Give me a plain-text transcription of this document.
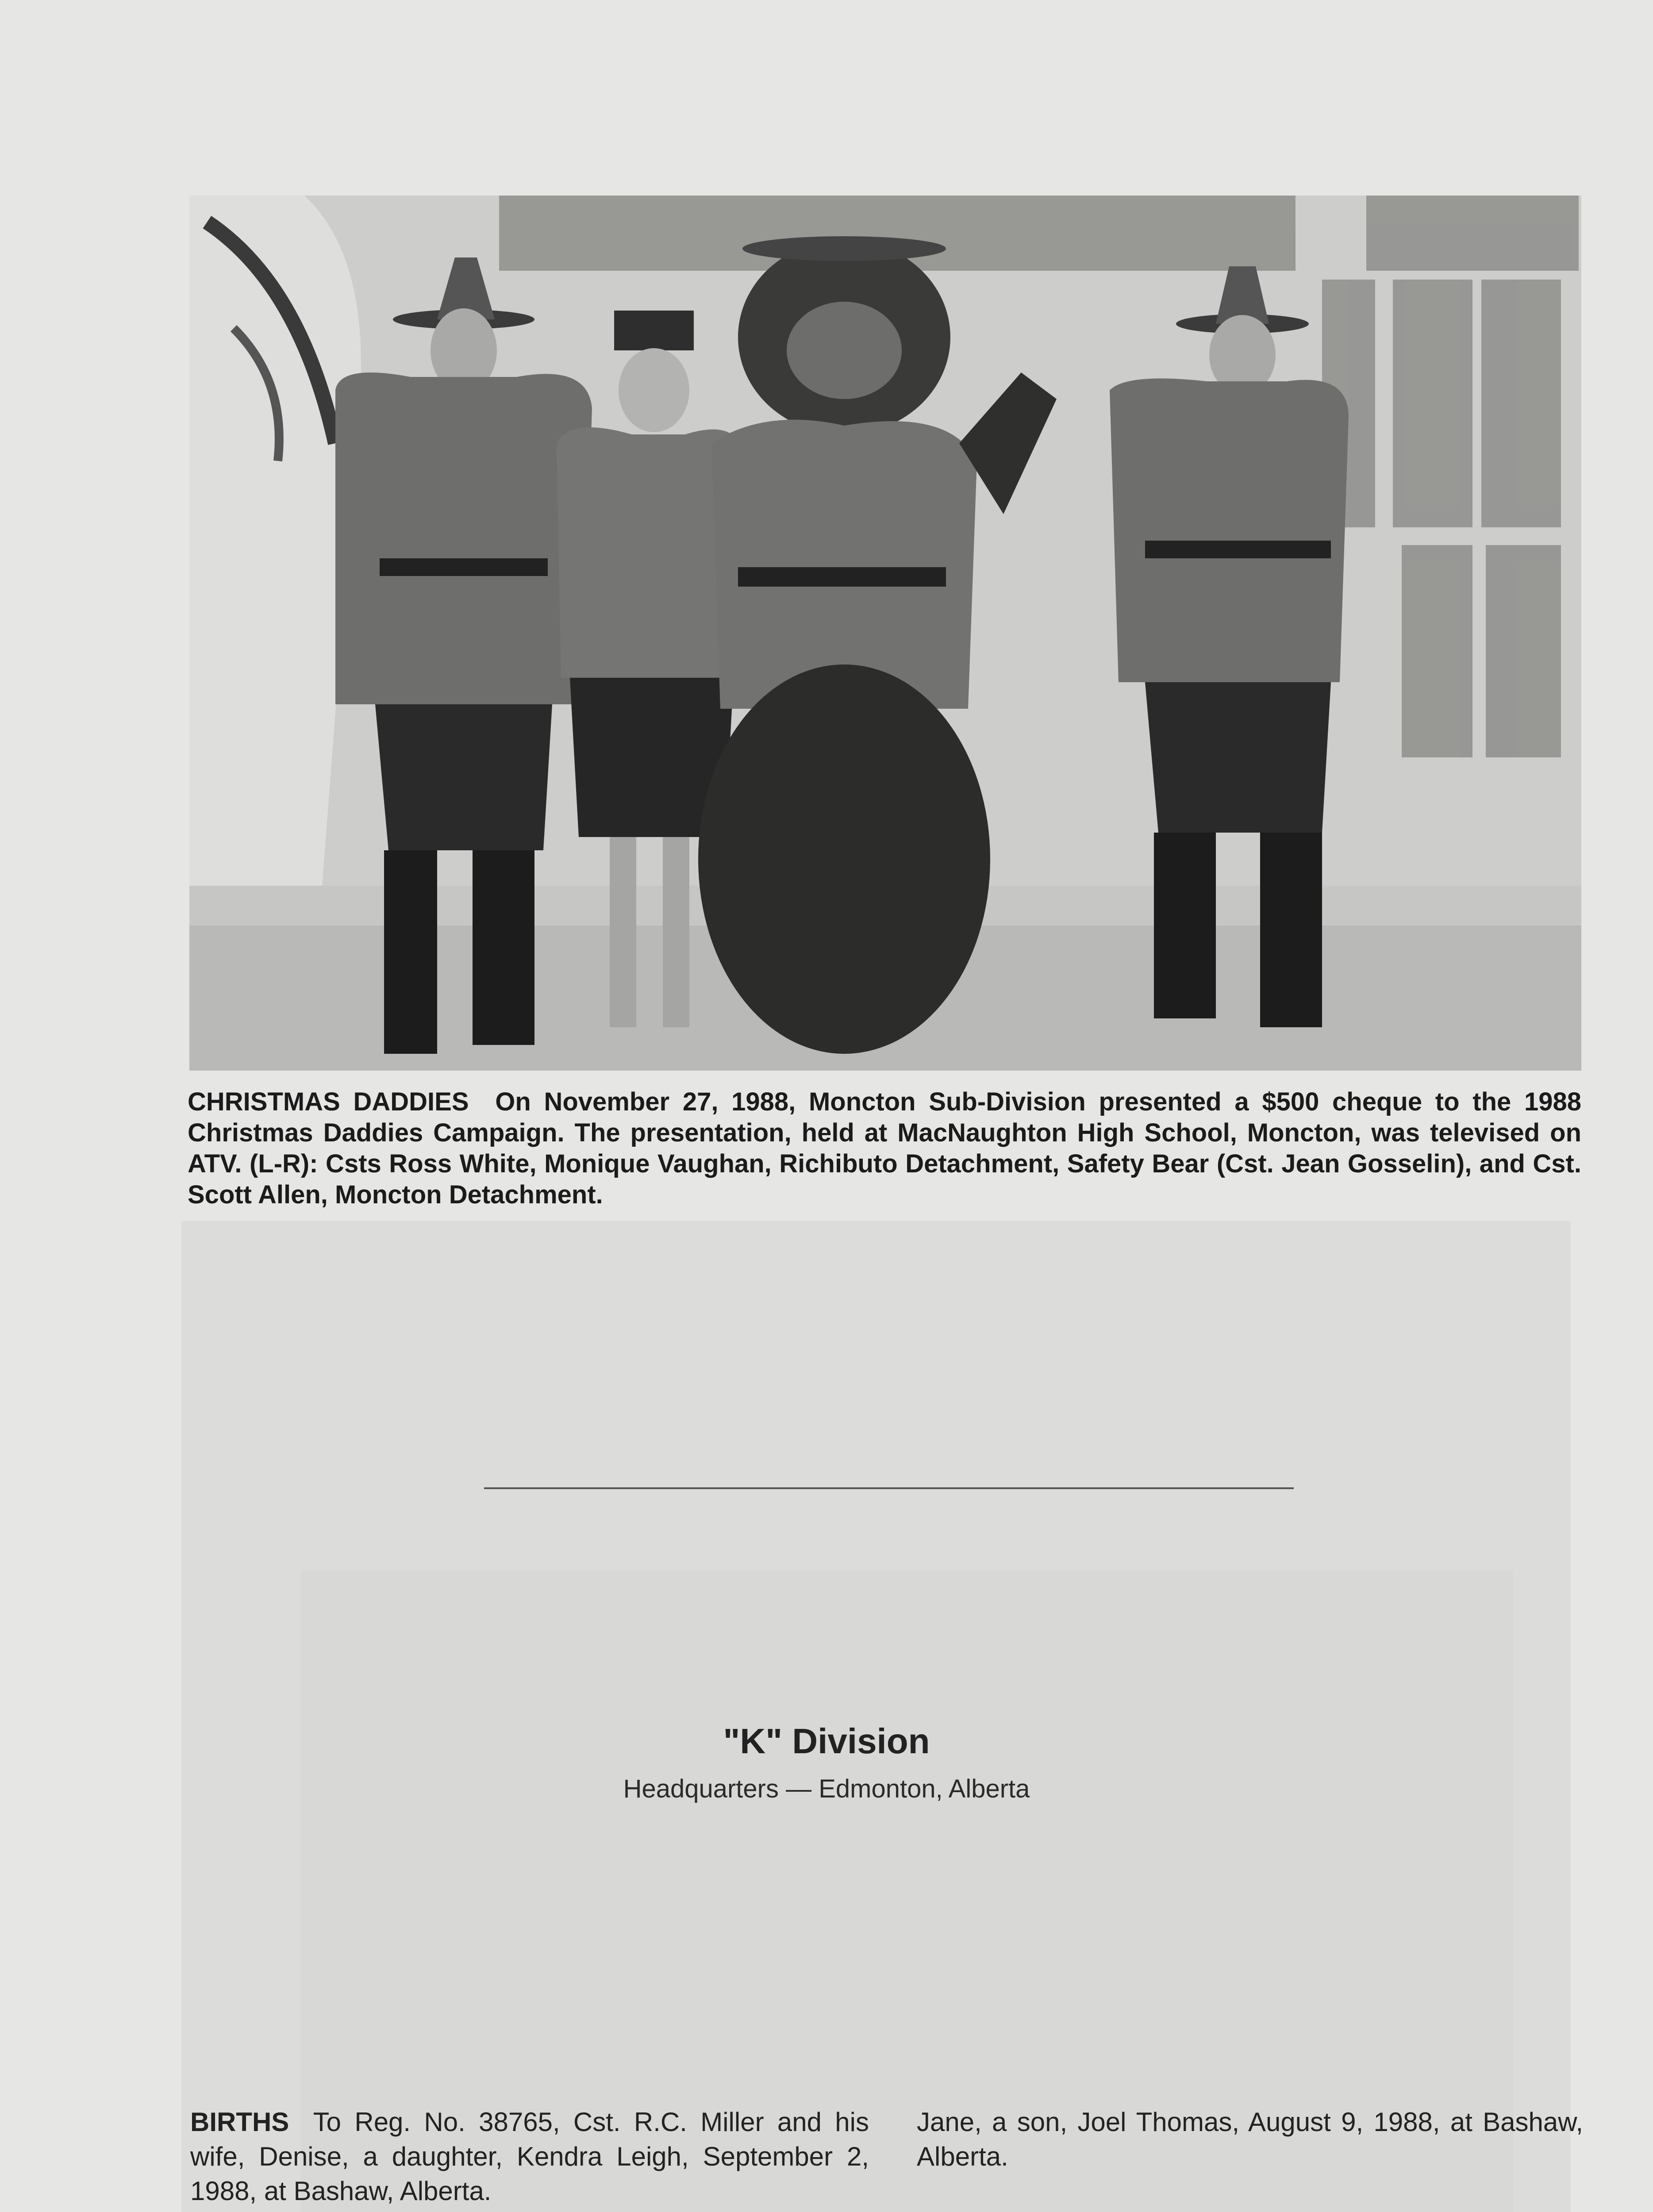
CHRISTMAS DADDIES On November 27, 1988, Moncton Sub-Division presented a $500 cheque to the 1988 Christmas Daddies Campaign. The presentation, held at MacNaughton High School, Moncton, was televised on ATV. (L-R): Csts Ross White, Monique Vaughan, Richibuto Detachment, Safety Bear (Cst. Jean Gosselin), and Cst. Scott Allen, Moncton Detachment.
"K" Division
Headquarters — Edmonton, Alberta
BIRTHS To Reg. No. 38765, Cst. R.C. Miller and his wife, Denise, a daughter, Kendra Leigh, September 2, 1988, at Bashaw, Alberta.
Jane, a son, Joel Thomas, August 9, 1988, at Bashaw, Alberta.
